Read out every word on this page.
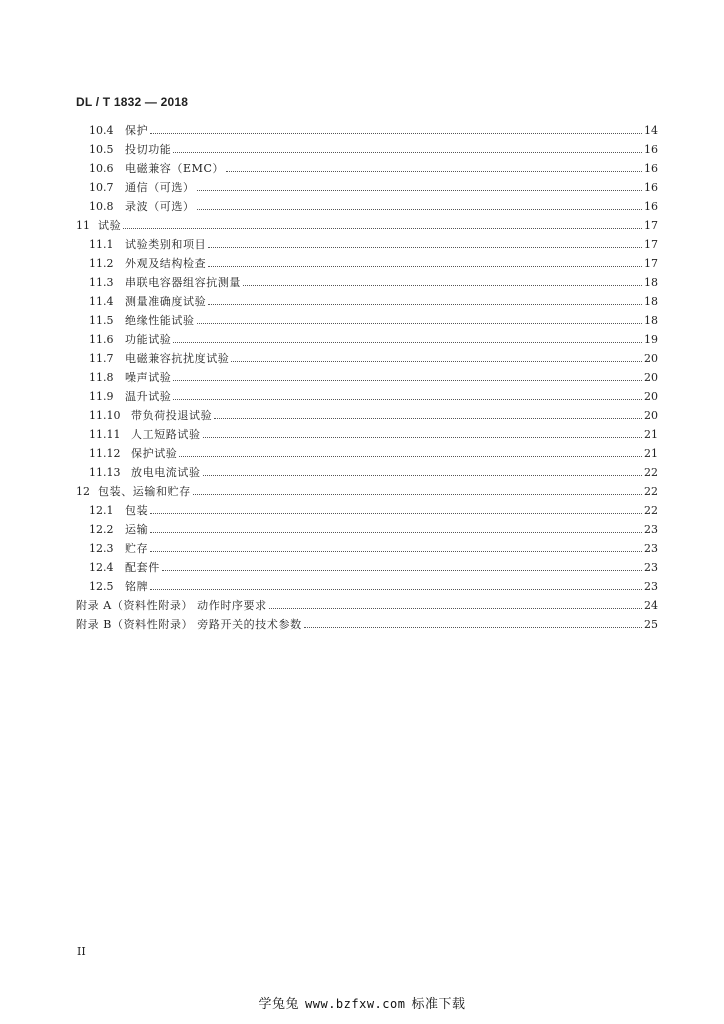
DL / T 1832 — 2018
10.4	保护	14
10.5	投切功能	16
10.6	电磁兼容（EMC）	16
10.7	通信（可选）	16
10.8	录波（可选）	16
11 试验	17
11.1	试验类别和项目	17
11.2	外观及结构检查	17
11.3	串联电容器组容抗测量	18
11.4	测量准确度试验	18
11.5	绝缘性能试验	18
11.6	功能试验	19
11.7	电磁兼容抗扰度试验	20
11.8	噪声试验	20
11.9	温升试验	20
11.10 带负荷投退试验	20
11.11 人工短路试验	21
11.12 保护试验	21
11.13 放电电流试验	22
12 包装、运输和贮存	22
12.1	包装	22
12.2	运输	23
12.3	贮存	23
12.4	配套件	23
12.5	铭牌	23
附录 A（资料性附录） 动作时序要求	24
附录 B（资料性附录） 旁路开关的技术参数	25
II
学兔兔 www.bzfxw.com 标准下载
